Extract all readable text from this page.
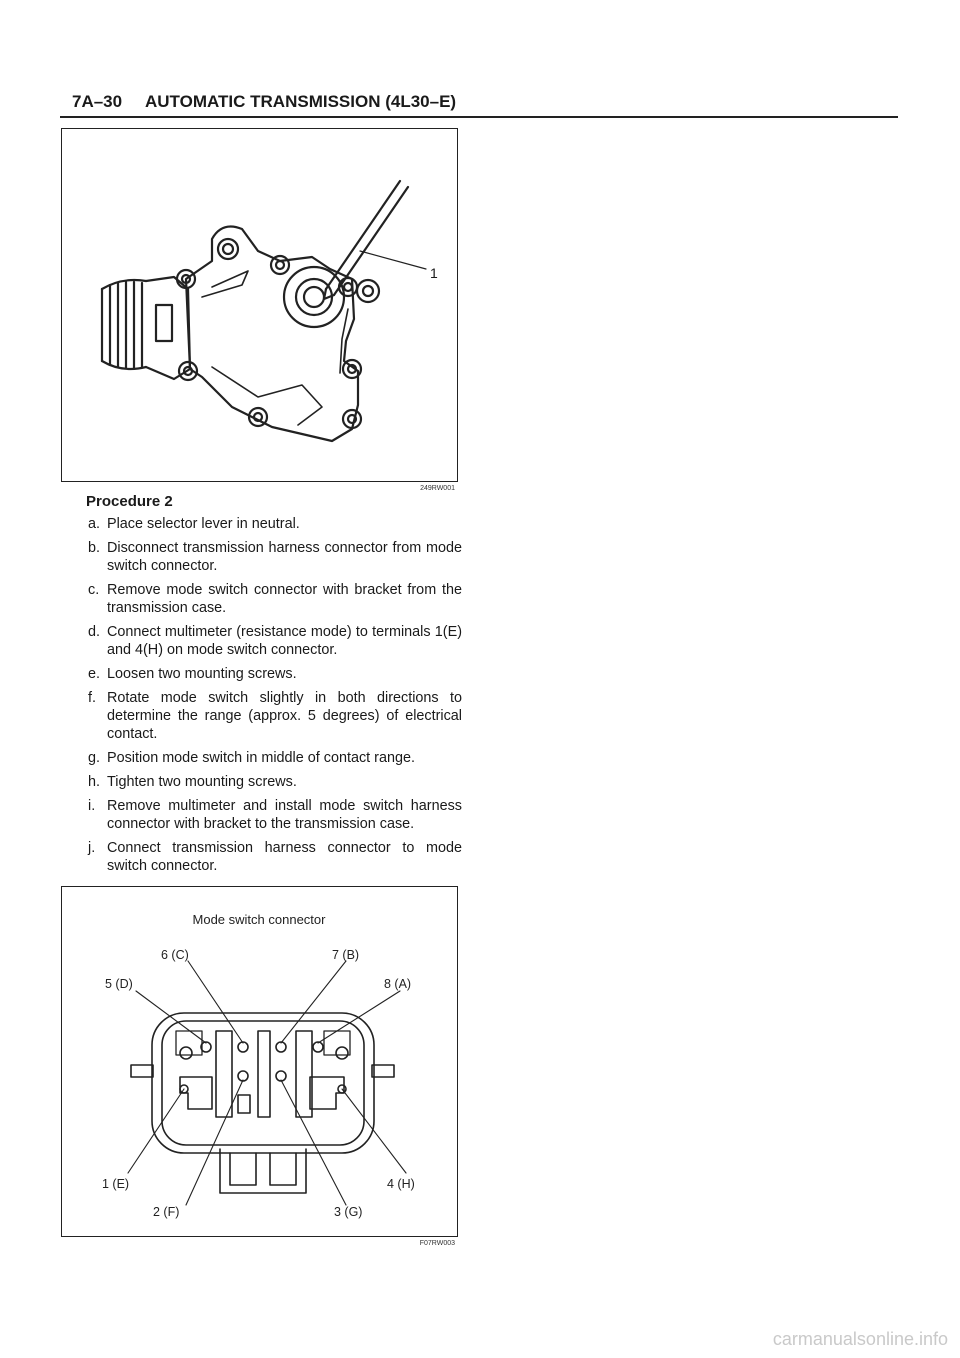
7A–30 AUTOMATIC TRANSMISSION (4L30–E)
1
249RW001
Procedure 2
a. Place selector lever in neutral.
b. Disconnect transmission harness connector from mode switch connector.
c. Remove mode switch connector with bracket from the transmission case.
d. Connect multimeter (resistance mode) to terminals 1(E) and 4(H) on mode switch connector.
e. Loosen two mounting screws.
f. Rotate mode switch slightly in both directions to determine the range (approx. 5 degrees) of electrical contact.
g. Position mode switch in middle of contact range.
h. Tighten two mounting screws.
i. Remove multimeter and install mode switch harness connector with bracket to the transmission case.
j. Connect transmission harness connector to mode switch connector.
Mode switch connector
5 (D)
6 (C)	7 (B)
8 (A)
1 (E)
2 (F)	3 (G)
4 (H)
F07RW003
carmanualsonline.info
